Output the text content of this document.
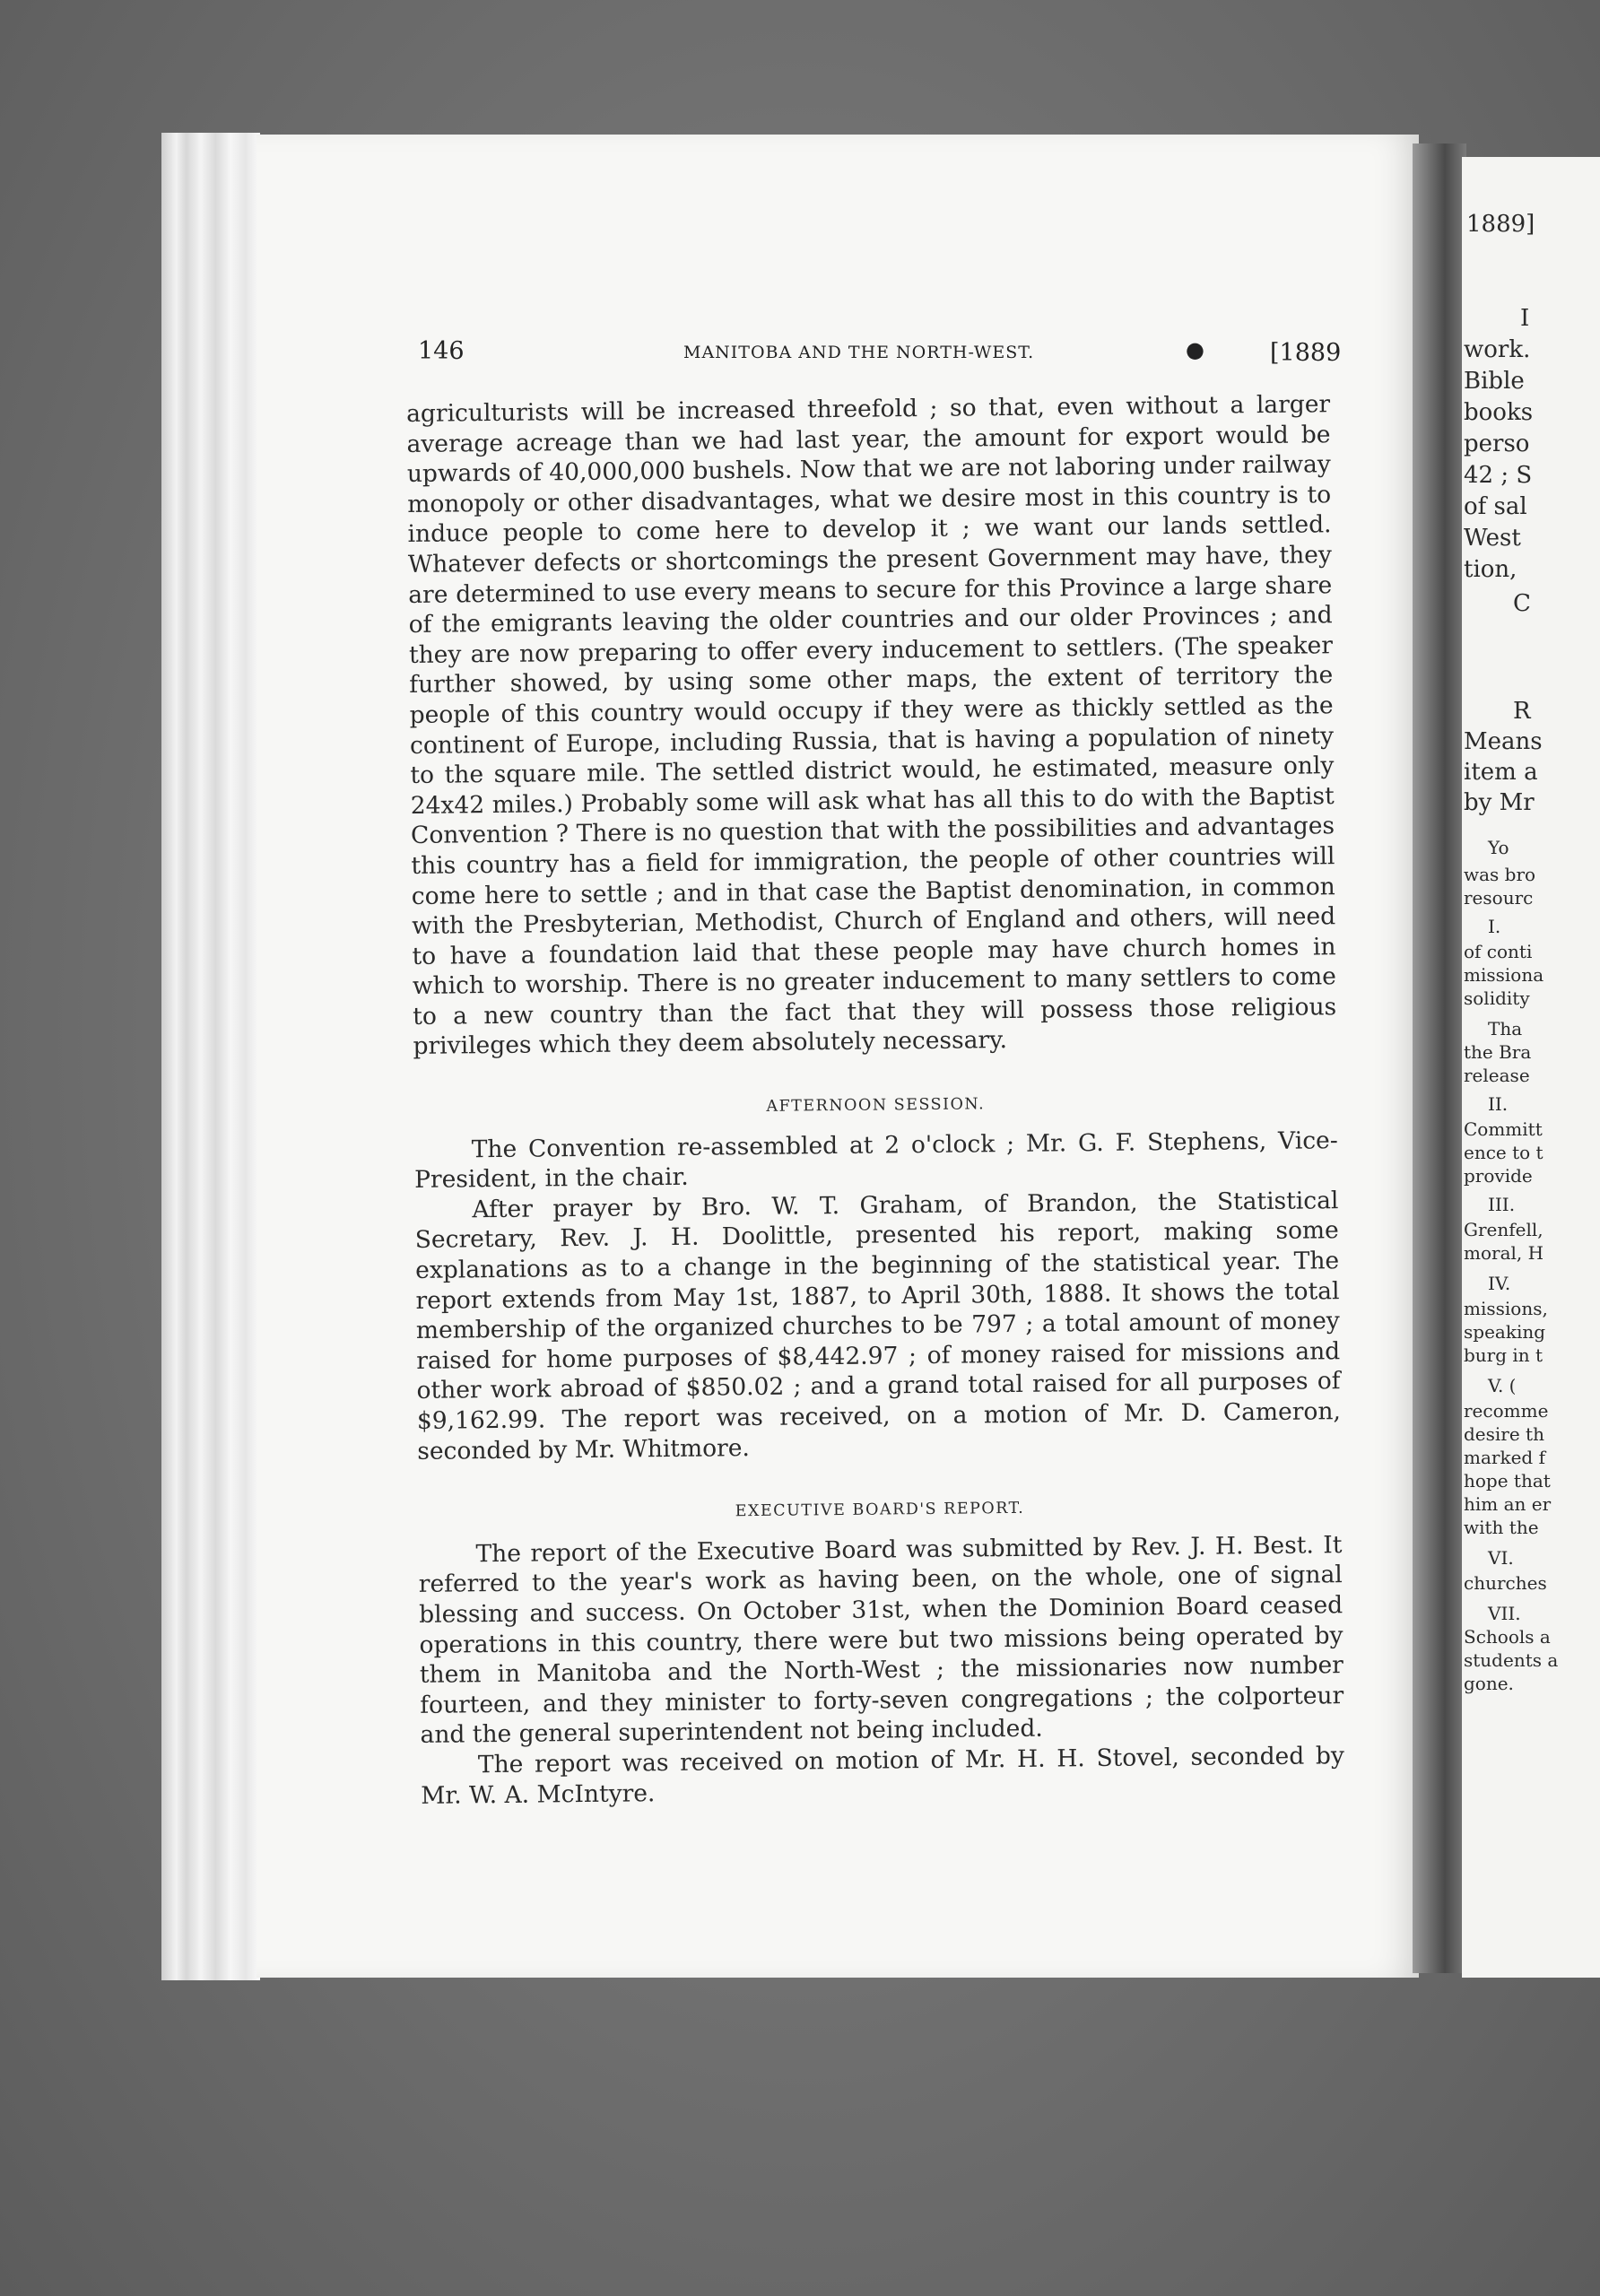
146	MANITOBA AND THE NORTH-WEST.	●	[1889

agriculturists will be increased threefold ; so that, even without a larger average acreage than we had last year, the amount for export would be upwards of 40,000,000 bushels. Now that we are not laboring under railway monopoly or other disadvantages, what we desire most in this country is to induce people to come here to develop it ; we want our lands settled. Whatever defects or shortcomings the present Government may have, they are determined to use every means to secure for this Province a large share of the emigrants leaving the older countries and our older Provinces ; and they are now preparing to offer every inducement to settlers. (The speaker further showed, by using some other maps, the extent of territory the people of this country would occupy if they were as thickly settled as the continent of Europe, including Russia, that is having a population of ninety to the square mile. The settled district would, he estimated, measure only 24x42 miles.) Probably some will ask what has all this to do with the Baptist Convention ? There is no question that with the possibilities and advantages this country has a field for immigration, the people of other countries will come here to settle ; and in that case the Baptist denomination, in common with the Presbyterian, Methodist, Church of England and others, will need to have a foundation laid that these people may have church homes in which to worship. There is no greater inducement to many settlers to come to a new country than the fact that they will possess those religious privileges which they deem absolutely necessary.

AFTERNOON SESSION.

The Convention re-assembled at 2 o'clock ; Mr. G. F. Stephens, Vice-President, in the chair.

After prayer by Bro. W. T. Graham, of Brandon, the Statistical Secretary, Rev. J. H. Doolittle, presented his report, making some explanations as to a change in the beginning of the statistical year. The report extends from May 1st, 1887, to April 30th, 1888. It shows the total membership of the organized churches to be 797 ; a total amount of money raised for home purposes of $8,442.97 ; of money raised for missions and other work abroad of $850.02 ; and a grand total raised for all purposes of $9,162.99. The report was received, on a motion of Mr. D. Cameron, seconded by Mr. Whitmore.

EXECUTIVE BOARD'S REPORT.

The report of the Executive Board was submitted by Rev. J. H. Best. It referred to the year's work as having been, on the whole, one of signal blessing and success. On October 31st, when the Dominion Board ceased operations in this country, there were but two missions being operated by them in Manitoba and the North-West ; the missionaries now number fourteen, and they minister to forty-seven congregations ; the colporteur and the general superintendent not being included.

The report was received on motion of Mr. H. H. Stovel, seconded by Mr. W. A. McIntyre.

1889]
I
work.
Bible
books
perso
42 ; S
of sal
West
tion,
C
R
Means
item a
by Mr
Yo
was bro
resourc
I.
of conti
missiona
solidity
Tha
the Bra
release
II.
Committ
ence to t
provide
III.
Grenfell,
moral, H
IV.
missions,
speaking
burg in t
V. (
recomme
desire th
marked f
hope that
him an er
with the
VI.
churches
VII.
Schools a
students a
gone.
